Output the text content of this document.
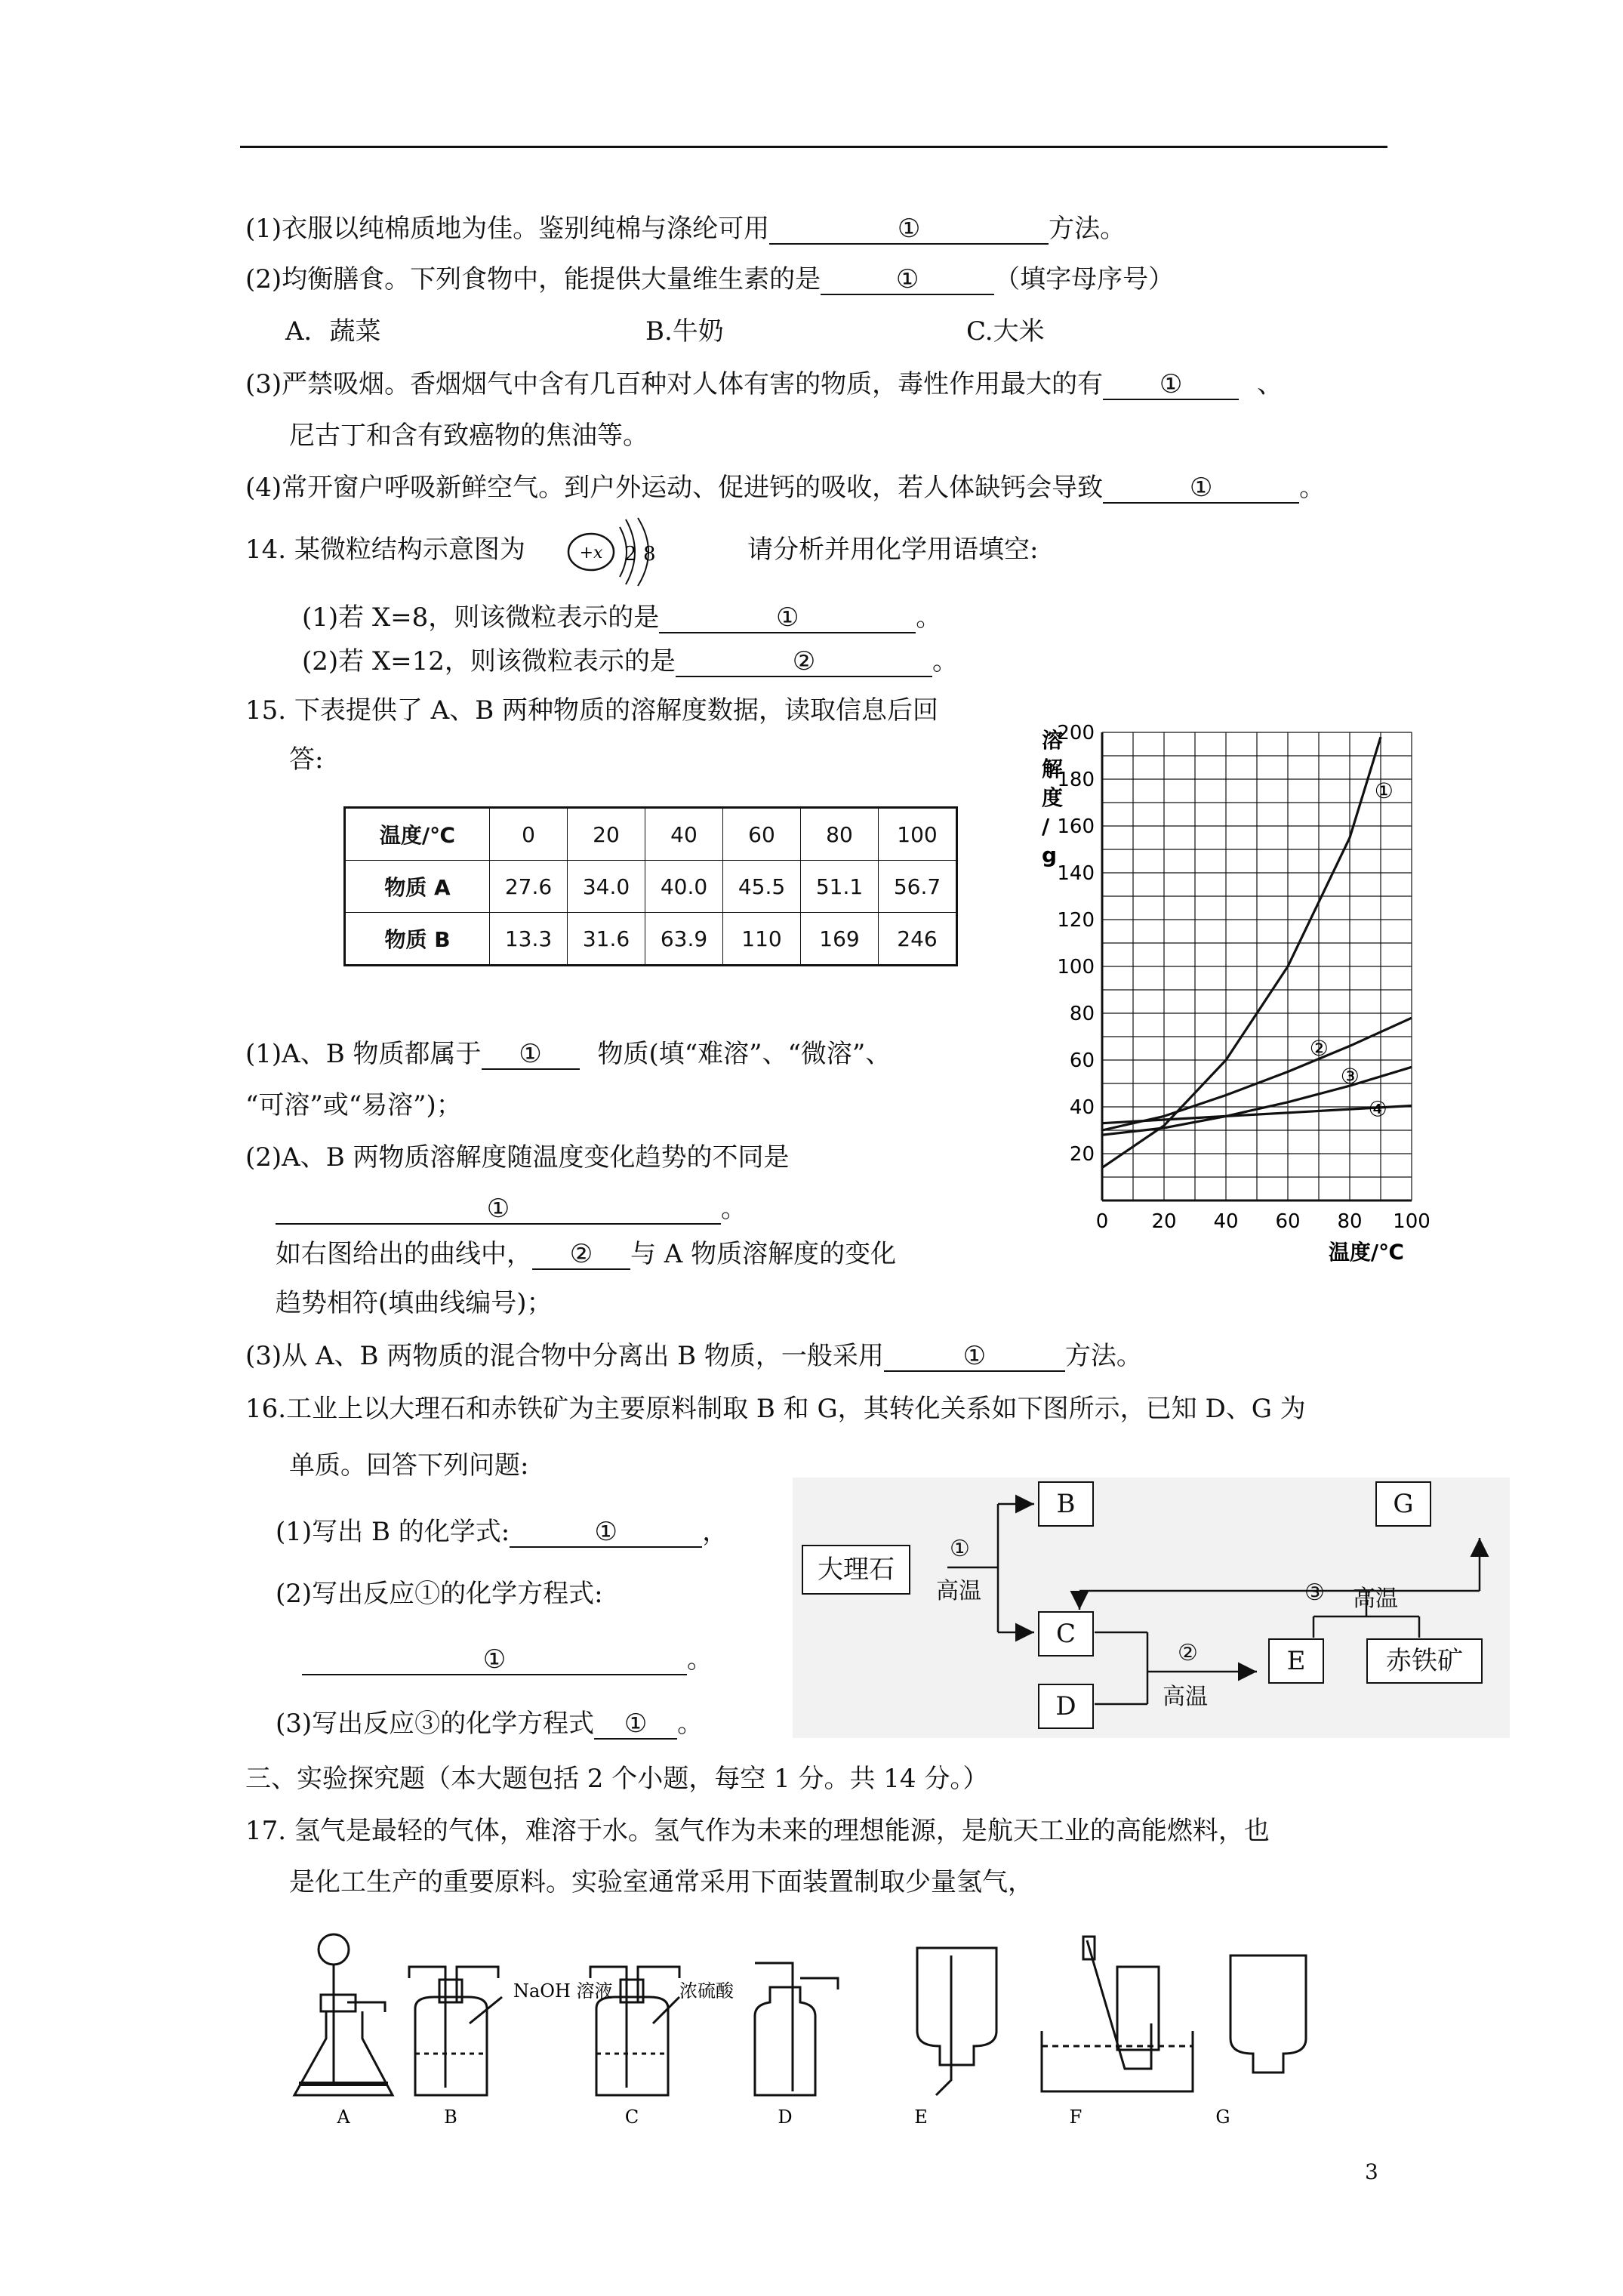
(1)衣服以纯棉质地为佳。鉴别纯棉与涤纶可用	①	方法。
(2)均衡膳食。下列食物中，能提供大量维生素的是	①	（填字母序号）
A．蔬菜	B.牛奶	C.大米
(3)严禁吸烟。香烟烟气中含有几百种对人体有害的物质，毒性作用最大的有 ①	、
尼古丁和含有致癌物的焦油等。
(4)常开窗户呼吸新鲜空气。到户外运动、促进钙的吸收，若人体缺钙会导致	①	。
14. 某微粒结构示意图为	+x 2 8	请分析并用化学用语填空:
(1)若 X=8，则该微粒表示的是	①	。
(2)若 X=12，则该微粒表示的是	②	。
15. 下表提供了 A、B 两种物质的溶解度数据，读取信息后回
答:
温度/℃	0	20	40	60	80	100
物质 A	27.6	34.0	40.0	45.5	51.1	56.7
物质 B	13.3	31.6	63.9	110	169	246
0 20 40 60 80 100
20
40
60
80
100
120
140
160
180
200
溶
解
度
/
g
温度/℃
①
②
③
④
(1)A、B 物质都属于 ① 物质(填“难溶”、“微溶”、
“可溶”或“易溶”)；
(2)A、B 两物质溶解度随温度变化趋势的不同是
①	。
如右图给出的曲线中， ② 与 A 物质溶解度的变化
趋势相符(填曲线编号)；
(3)从 A、B 两物质的混合物中分离出 B 物质，一般采用	①	方法。
16.工业上以大理石和赤铁矿为主要原料制取 B 和 G，其转化关系如下图所示，已知 D、G 为
单质。回答下列问题:
(1)写出 B 的化学式:	①	，
(2)写出反应①的化学方程式:
①	。
(3)写出反应③的化学方程式 ① 。
大理石
①
高温
B
C
D
②
高温
E
③ 高温
G
赤铁矿
三、实验探究题（本大题包括 2 个小题，每空 1 分。共 14 分。）
17. 氢气是最轻的气体，难溶于水。氢气作为未来的理想能源，是航天工业的高能燃料，也
是化工生产的重要原料。实验室通常采用下面装置制取少量氢气，
NaOH 溶液	浓硫酸
A	B	C	D	E	F	G
3
